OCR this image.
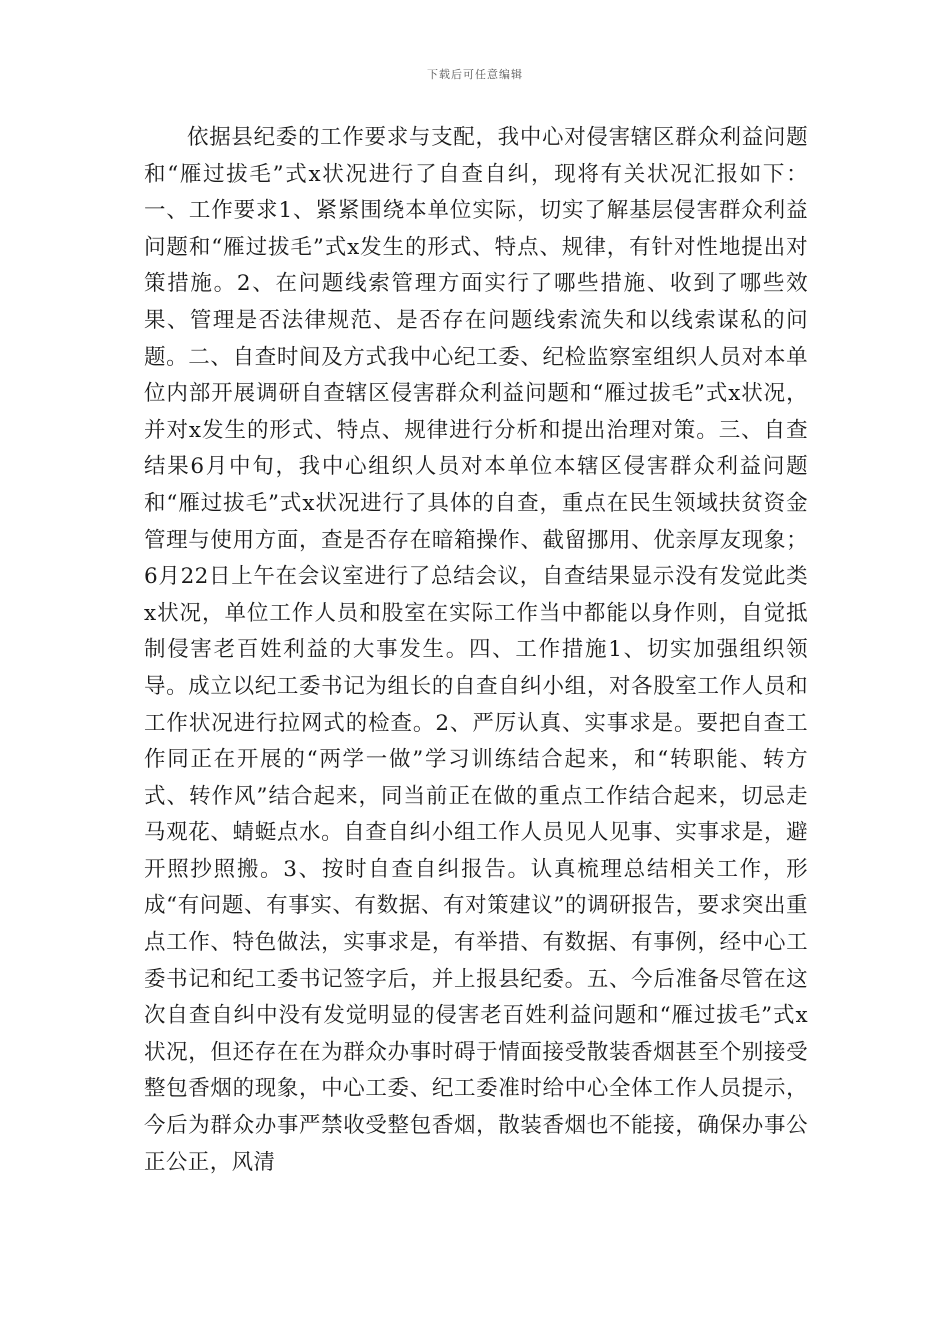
下载后可任意编辑

依据县纪委的工作要求与支配，我中心对侵害辖区群众利益问题和“雁过拔毛”式x状况进行了自查自纠，现将有关状况汇报如下：一、工作要求1、紧紧围绕本单位实际，切实了解基层侵害群众利益问题和“雁过拔毛”式x发生的形式、特点、规律，有针对性地提出对策措施。2、在问题线索管理方面实行了哪些措施、收到了哪些效果、管理是否法律规范、是否存在问题线索流失和以线索谋私的问题。二、自查时间及方式我中心纪工委、纪检监察室组织人员对本单位内部开展调研自查辖区侵害群众利益问题和“雁过拔毛”式x状况，并对x发生的形式、特点、规律进行分析和提出治理对策。三、自查结果6月中旬，我中心组织人员对本单位本辖区侵害群众利益问题和“雁过拔毛”式x状况进行了具体的自查，重点在民生领域扶贫资金管理与使用方面，查是否存在暗箱操作、截留挪用、优亲厚友现象；6月22日上午在会议室进行了总结会议，自查结果显示没有发觉此类x状况，单位工作人员和股室在实际工作当中都能以身作则，自觉抵制侵害老百姓利益的大事发生。四、工作措施1、切实加强组织领导。成立以纪工委书记为组长的自查自纠小组，对各股室工作人员和工作状况进行拉网式的检查。2、严厉认真、实事求是。要把自查工作同正在开展的“两学一做”学习训练结合起来，和“转职能、转方式、转作风”结合起来，同当前正在做的重点工作结合起来，切忌走马观花、蜻蜓点水。自查自纠小组工作人员见人见事、实事求是，避开照抄照搬。3、按时自查自纠报告。认真梳理总结相关工作，形成“有问题、有事实、有数据、有对策建议”的调研报告，要求突出重点工作、特色做法，实事求是，有举措、有数据、有事例，经中心工委书记和纪工委书记签字后，并上报县纪委。五、今后准备尽管在这次自查自纠中没有发觉明显的侵害老百姓利益问题和“雁过拔毛”式x状况，但还存在在为群众办事时碍于情面接受散装香烟甚至个别接受整包香烟的现象，中心工委、纪工委准时给中心全体工作人员提示，今后为群众办事严禁收受整包香烟，散装香烟也不能接，确保办事公正公正，风清
